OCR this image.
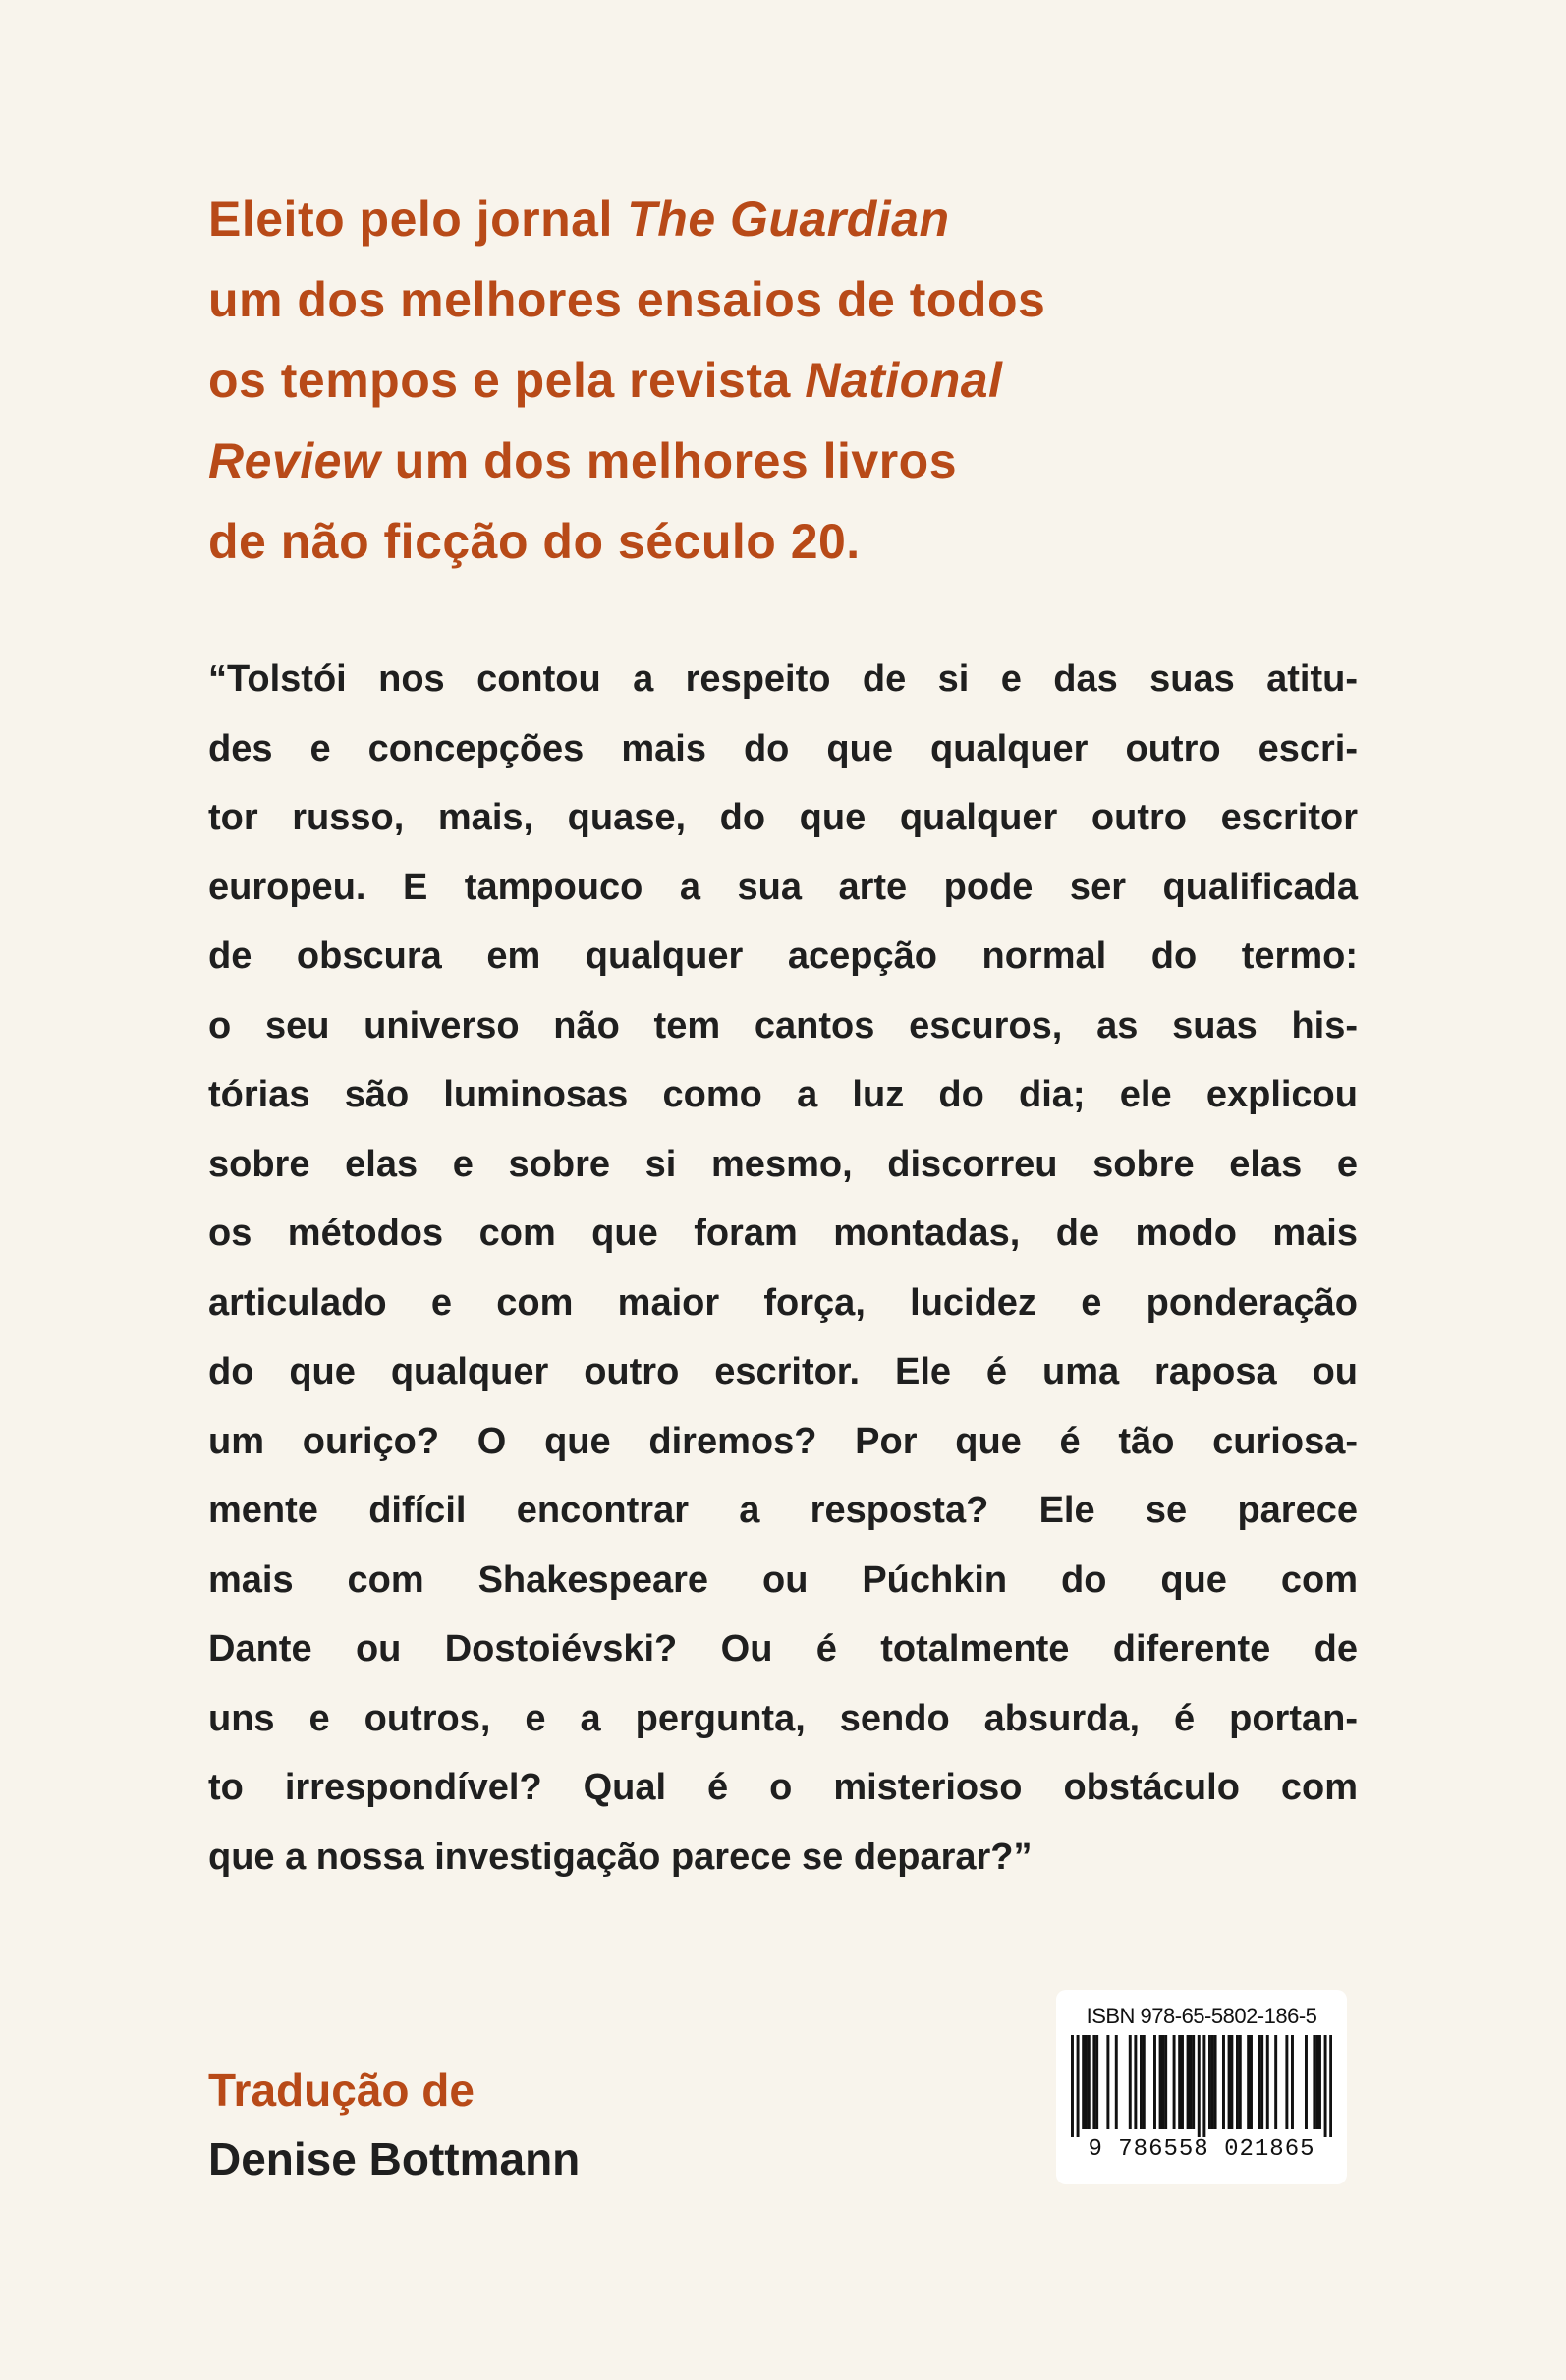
Eleito pelo jornal The Guardian
um dos melhores ensaios de todos
os tempos e pela revista National
Review um dos melhores livros
de não ficção do século 20.
“Tolstói nos contou a respeito de si e das suas atitu-
des e concepções mais do que qualquer outro escri-
tor russo, mais, quase, do que qualquer outro escritor
europeu. E tampouco a sua arte pode ser qualificada
de obscura em qualquer acepção normal do termo:
o seu universo não tem cantos escuros, as suas his-
tórias são luminosas como a luz do dia; ele explicou
sobre elas e sobre si mesmo, discorreu sobre elas e
os métodos com que foram montadas, de modo mais
articulado e com maior força, lucidez e ponderação
do que qualquer outro escritor. Ele é uma raposa ou
um ouriço? O que diremos? Por que é tão curiosa-
mente difícil encontrar a resposta? Ele se parece
mais com Shakespeare ou Púchkin do que com
Dante ou Dostoiévski? Ou é totalmente diferente de
uns e outros, e a pergunta, sendo absurda, é portan-
to irrespondível? Qual é o misterioso obstáculo com
que a nossa investigação parece se deparar?”
Tradução de
Denise Bottmann
ISBN 978-65-5802-186-5
9 786558 021865
